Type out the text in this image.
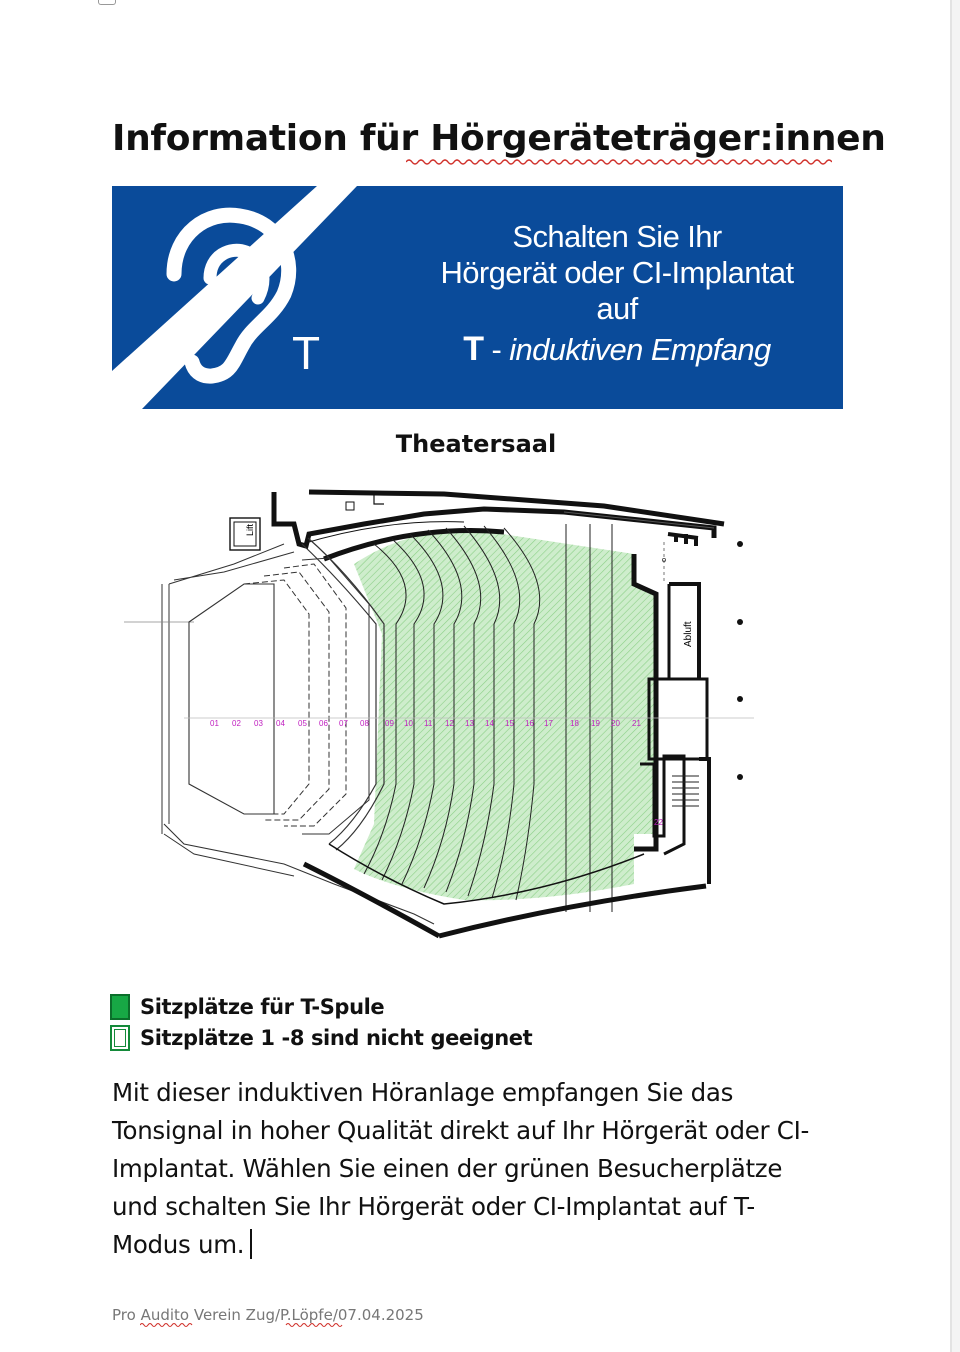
Information für Hörgeräteträger:innen
T
Schalten Sie Ihr
Hörgerät oder CI-Implantat
auf
T - induktiven Empfang
Theatersaal
Lift
Abluft
01 02 03 04 05 06 07 08 09 10 11 12 13 14 15 16 17 18 19 20 21
22
Sitzplätze für T-Spule
Sitzplätze 1 -8 sind nicht geeignet
Mit dieser induktiven Höranlage empfangen Sie das
Tonsignal in hoher Qualität direkt auf Ihr Hörgerät oder CI-
Implantat. Wählen Sie einen der grünen Besucherplätze
und schalten Sie Ihr Hörgerät oder CI-Implantat auf T-
Modus um.
Pro Audito Verein Zug/P.Löpfe/07.04.2025
